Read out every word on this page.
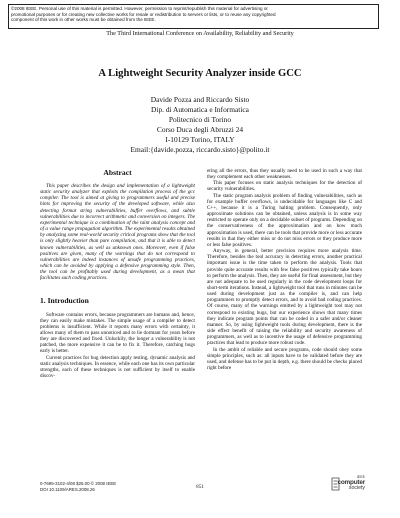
©2008 IEEE. Personal use of this material is permitted. However, permission to reprint/republish this material for advertising or
promotional purposes or for creating new collective works for resale or redistribution to servers or lists, or to reuse any copyrighted
component of this work in other works must be obtained from the IEEE.
The Third International Conference on Availability, Reliability and Security
A Lightweight Security Analyzer inside GCC
Davide Pozza and Riccardo Sisto
Dip. di Automatica e Informatica
Politecnico di Torino
Corso Duca degli Abruzzi 24
I-10129 Torino, ITALY
Email:{davide.pozza, riccardo.sisto}@polito.it
Abstract

This paper describes the design and implementation of a lightweight static security analyzer that exploits the compilation process of the gcc compiler. The tool is aimed at giving to programmers useful and precise hints for improving the security of the developed software, while also detecting format string vulnerabilities, buffer overflows, and subtle vulnerabilities due to incorrect arithmetic and conversion on integers. The experimental technique is a combination of the taint analysis concept and of a value range propagation algorithm. The experimental results obtained by analyzing some real-world security critical programs show that the tool is only slightly heavier than pure compilation, and that it is able to detect known vulnerabilities, as well as unknown ones. Moreover, even if false positives are given, many of the warnings that do not correspond to vulnerabilities are indeed instances of unsafe programming practices, which can be avoided by applying a defensive programming style. Then, the tool can be profitably used during development, as a mean that facilitates such coding practices.

1. Introduction

Software contains errors, because programmers are humans and, hence, they can easily make mistakes. The simple usage of a compiler to detect problems is insufficient. While it reports many errors with certainty, it allows many of them to pass unnoticed and to lie dormant for years before they are discovered and fixed. Unluckily, the longer a vulnerability is not patched, the more expensive it can be to fix it. Therefore, catching bugs early is better.

Current practices for bug detection apply testing, dynamic analysis and static analysis techniques. In essence, while each one has its own particular strengths, each of these techniques is not sufficient by itself to enable discov-

ering all the errors, thus they usually need to be used in such a way that they complement each other weaknesses.

This paper focuses on static analysis techniques for the detection of security vulnerabilities.

The static program analysis problem of finding vulnerabilities, such as for example buffer overflows, is undecidable for languages like C and C++, because it is a Turing halting problem. Consequently, only approximate solutions can be obtained, unless analysis is in some way restricted to operate only on a decidable subset of programs. Depending on the conservativeness of the approximation and on how much approximation is used, there can be tools that provide more or less accurate results in that they either miss or do not miss errors or they produce more or less false positives.

Anyway, in general, better precision requires more analysis time. Therefore, besides the tool accuracy in detecting errors, another practical important issue is the time taken to perform the analysis. Tools that provide quite accurate results with few false positives typically take hours to perform the analysis. Then, they are useful for final assessment, but they are not adequate to be used regularly in the code development loops for short-term iterations. Instead, a lightweight tool that runs in minutes can be used during development just as the compiler is, and can help programmers to promptly detect errors, and to avoid bad coding practices. Of course, many of the warnings emitted by a lightweight tool may not correspond to existing bugs, but our experience shows that many times they indicate program points that can be coded in a safer and/or cleaner manner. So, by using lightweight tools during development, there is the side effect benefit of raising the reliability and security awareness of programmers, as well as to incentive the usage of defensive programming practices that lead to produce more robust code.

In the ambit of reliable and secure programs, code should obey some simple principles, such as: all inputs have to be validated before they are used, and defense has to be put in depth, e.g. there should be checks placed right before

0-7695-3102-4/08 $25.00 © 2008 IEEE
DOI 10.1109/ARES.2008.26	851
IEEE
computer
society
